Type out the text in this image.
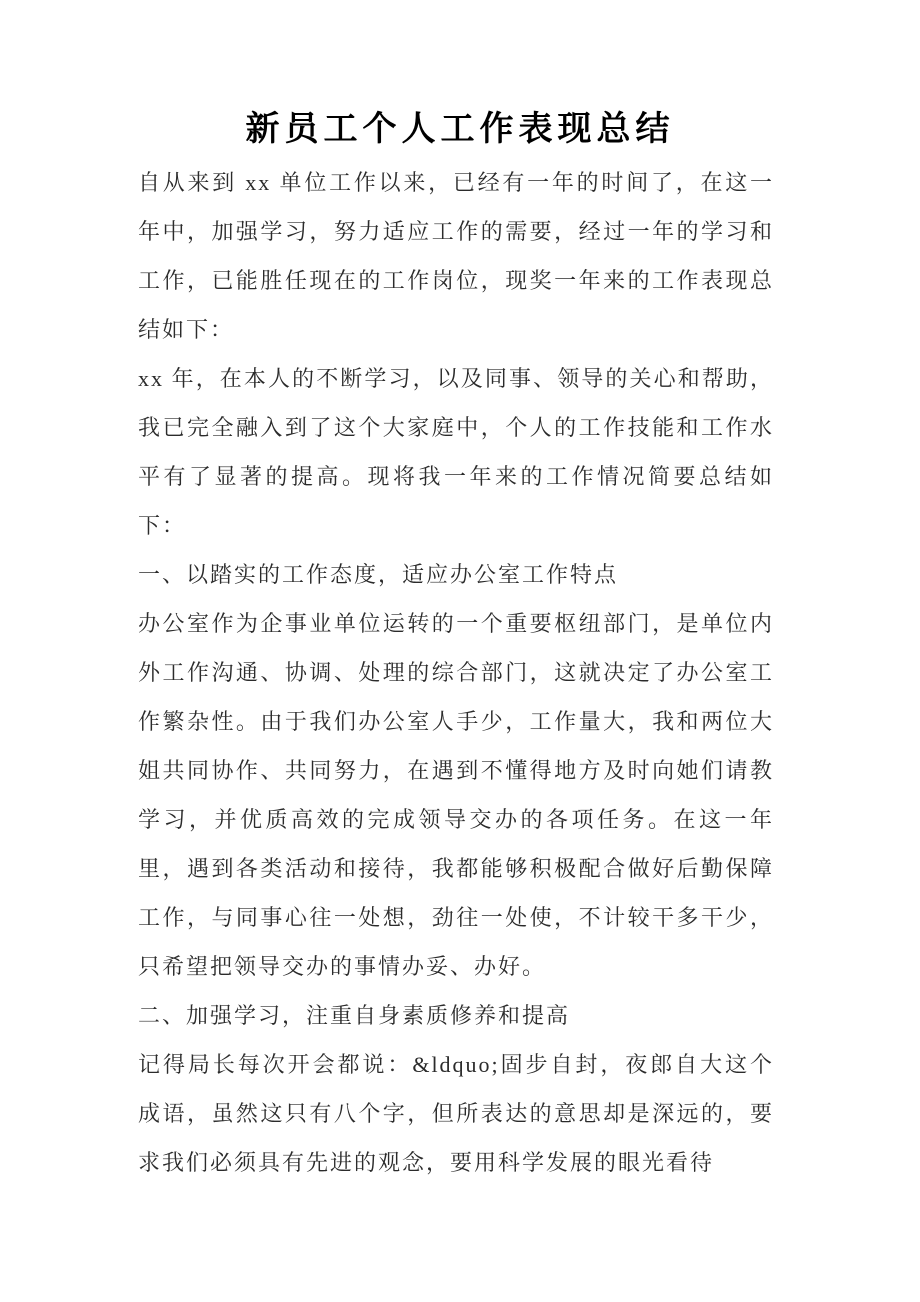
新员工个人工作表现总结

自从来到 xx 单位工作以来，已经有一年的时间了，在这一年中，加强学习，努力适应工作的需要，经过一年的学习和工作，已能胜任现在的工作岗位，现奖一年来的工作表现总结如下：

xx 年，在本人的不断学习，以及同事、领导的关心和帮助，我已完全融入到了这个大家庭中，个人的工作技能和工作水平有了显著的提高。现将我一年来的工作情况简要总结如下：

一、以踏实的工作态度，适应办公室工作特点

办公室作为企事业单位运转的一个重要枢纽部门，是单位内外工作沟通、协调、处理的综合部门，这就决定了办公室工作繁杂性。由于我们办公室人手少，工作量大，我和两位大姐共同协作、共同努力，在遇到不懂得地方及时向她们请教学习，并优质高效的完成领导交办的各项任务。在这一年里，遇到各类活动和接待，我都能够积极配合做好后勤保障工作，与同事心往一处想，劲往一处使，不计较干多干少，只希望把领导交办的事情办妥、办好。

二、加强学习，注重自身素质修养和提高

记得局长每次开会都说：&ldquo;固步自封，夜郎自大这个成语，虽然这只有八个字，但所表达的意思却是深远的，要求我们必须具有先进的观念，要用科学发展的眼光看待
